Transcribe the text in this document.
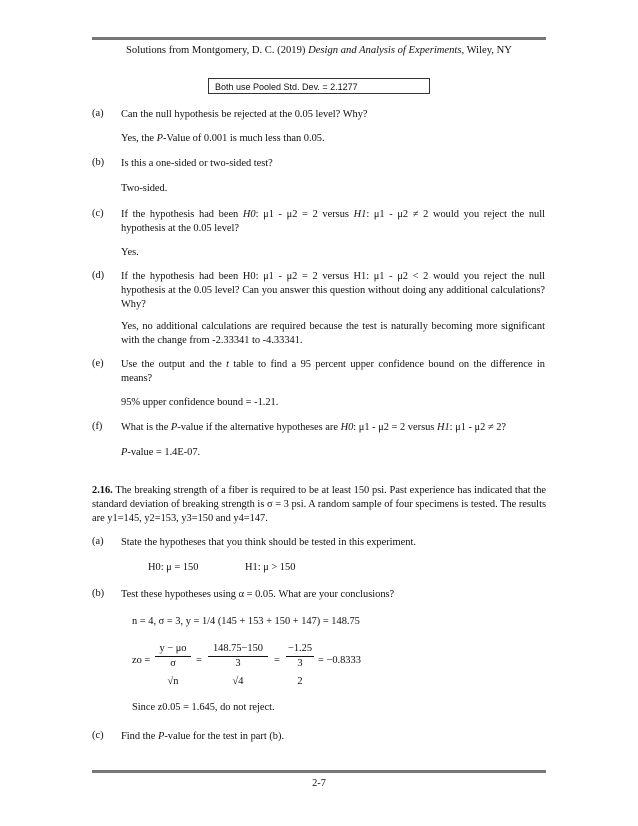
Solutions from Montgomery, D. C. (2019) Design and Analysis of Experiments, Wiley, NY
Both use Pooled Std. Dev. = 2.1277
(a) Can the null hypothesis be rejected at the 0.05 level? Why?
Yes, the P-Value of 0.001 is much less than 0.05.
(b) Is this a one-sided or two-sided test?
Two-sided.
(c) If the hypothesis had been H0: μ1 - μ2 = 2 versus H1: μ1 - μ2 ≠ 2 would you reject the null hypothesis at the 0.05 level?
Yes.
(d) If the hypothesis had been H0: μ1 - μ2 = 2 versus H1: μ1 - μ2 < 2 would you reject the null hypothesis at the 0.05 level? Can you answer this question without doing any additional calculations? Why?
Yes, no additional calculations are required because the test is naturally becoming more significant with the change from -2.33341 to -4.33341.
(e) Use the output and the t table to find a 95 percent upper confidence bound on the difference in means?
95% upper confidence bound = -1.21.
(f) What is the P-value if the alternative hypotheses are H0: μ1 - μ2 = 2 versus H1: μ1 - μ2 ≠ 2?
P-value = 1.4E-07.
2.16. The breaking strength of a fiber is required to be at least 150 psi. Past experience has indicated that the standard deviation of breaking strength is σ = 3 psi. A random sample of four specimens is tested. The results are y1=145, y2=153, y3=150 and y4=147.
(a) State the hypotheses that you think should be tested in this experiment.
H0: μ = 150	H1: μ > 150
(b) Test these hypotheses using α = 0.05. What are your conclusions?
n = 4, σ = 3, y = 1/4 (145 + 153 + 150 + 147) = 148.75
zo =
y − μo
σ
√n
=
148.75−150
3
√4
=
−1.25
3
2
= −0.8333
Since z0.05 = 1.645, do not reject.
(c) Find the P-value for the test in part (b).
2-7
